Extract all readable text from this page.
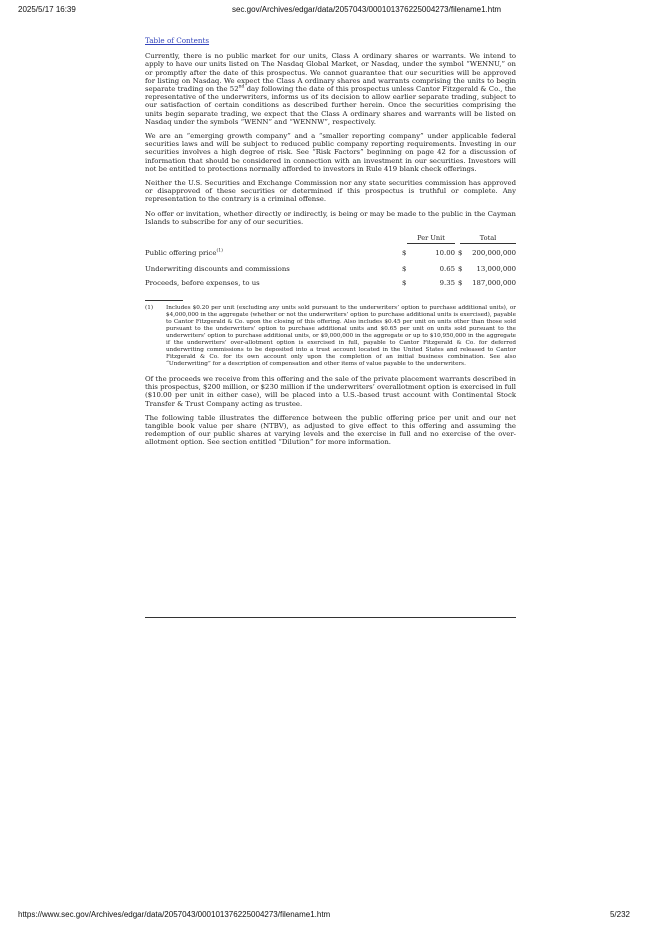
2025/5/17 16:39	sec.gov/Archives/edgar/data/2057043/000101376225004273/filename1.htm
Table of Contents

Currently, there is no public market for our units, Class A ordinary shares or warrants. We intend to apply to have our units listed on The Nasdaq Global Market, or Nasdaq, under the symbol “WENNU,” on or promptly after the date of this prospectus. We cannot guarantee that our securities will be approved for listing on Nasdaq. We expect the Class A ordinary shares and warrants comprising the units to begin separate trading on the 52nd day following the date of this prospectus unless Cantor Fitzgerald & Co., the representative of the underwriters, informs us of its decision to allow earlier separate trading, subject to our satisfaction of certain conditions as described further herein. Once the securities comprising the units begin separate trading, we expect that the Class A ordinary shares and warrants will be listed on Nasdaq under the symbols “WENN” and “WENNW”, respectively.

We are an “emerging growth company” and a “smaller reporting company” under applicable federal securities laws and will be subject to reduced public company reporting requirements. Investing in our securities involves a high degree of risk. See “Risk Factors” beginning on page 42 for a discussion of information that should be considered in connection with an investment in our securities. Investors will not be entitled to protections normally afforded to investors in Rule 419 blank check offerings.

Neither the U.S. Securities and Exchange Commission nor any state securities commission has approved or disapproved of these securities or determined if this prospectus is truthful or complete. Any representation to the contrary is a criminal offense.

No offer or invitation, whether directly or indirectly, is being or may be made to the public in the Cayman Islands to subscribe for any of our securities.

Per Unit	Total
Public offering price$^{(1)}$	$	10.00 $	200,000,000
Underwriting discounts and commissions	$	0.65 $	13,000,000
Proceeds, before expenses, to us	$	9.35 $	187,000,000
(1)	Includes $0.20 per unit (excluding any units sold pursuant to the underwriters’ option to purchase additional units), or $4,000,000 in the aggregate (whether or not the underwriters’ option to purchase additional units is exercised), payable to Cantor Fitzgerald & Co. upon the closing of this offering. Also includes $0.45 per unit on units other than those sold pursuant to the underwriters’ option to purchase additional units and $0.65 per unit on units sold pursuant to the underwriters’ option to purchase additional units, or $9,000,000 in the aggregate or up to $10,950,000 in the aggregate if the underwriters’ over-allotment option is exercised in full, payable to Cantor Fitzgerald & Co. for deferred underwriting commissions to be deposited into a trust account located in the United States and released to Cantor Fitzgerald & Co. for its own account only upon the completion of an initial business combination. See also “Underwriting” for a description of compensation and other items of value payable to the underwriters.

Of the proceeds we receive from this offering and the sale of the private placement warrants described in this prospectus, $200 million, or $230 million if the underwriters’ overallotment option is exercised in full ($10.00 per unit in either case), will be placed into a U.S.-based trust account with Continental Stock Transfer & Trust Company acting as trustee.

The following table illustrates the difference between the public offering price per unit and our net tangible book value per share (NTBV), as adjusted to give effect to this offering and assuming the redemption of our public shares at varying levels and the exercise in full and no exercise of the over-allotment option. See section entitled “Dilution” for more information.

https://www.sec.gov/Archives/edgar/data/2057043/000101376225004273/filename1.htm	5/232
